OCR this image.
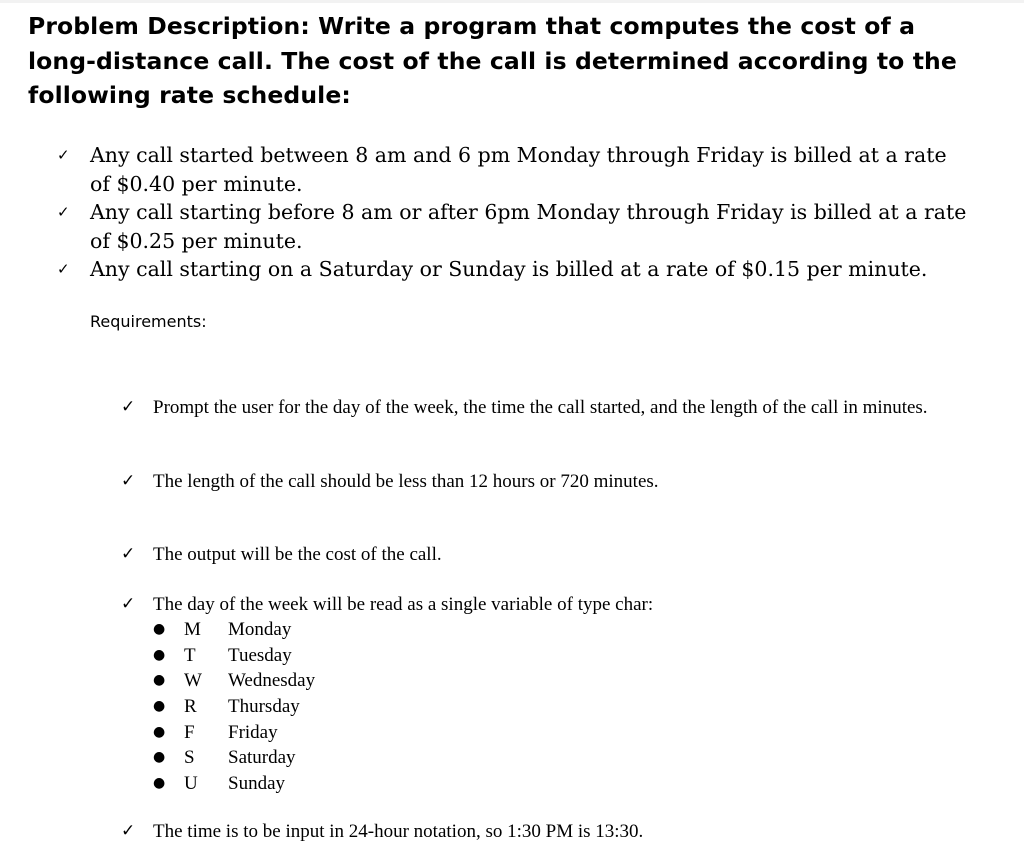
Problem Description: Write a program that computes the cost of a long-distance call. The cost of the call is determined according to the following rate schedule:

✓ Any call started between 8 am and 6 pm Monday through Friday is billed at a rate of $0.40 per minute.
✓ Any call starting before 8 am or after 6pm Monday through Friday is billed at a rate of $0.25 per minute.
✓ Any call starting on a Saturday or Sunday is billed at a rate of $0.15 per minute.
Requirements:
✓ Prompt the user for the day of the week, the time the call started, and the length of the call in minutes.
✓ The length of the call should be less than 12 hours or 720 minutes.
✓ The output will be the cost of the call.
✓ The day of the week will be read as a single variable of type char:
● M Monday
● T Tuesday
● W Wednesday
● R Thursday
● F Friday
● S Saturday
● U Sunday
✓ The time is to be input in 24-hour notation, so 1:30 PM is 13:30.
